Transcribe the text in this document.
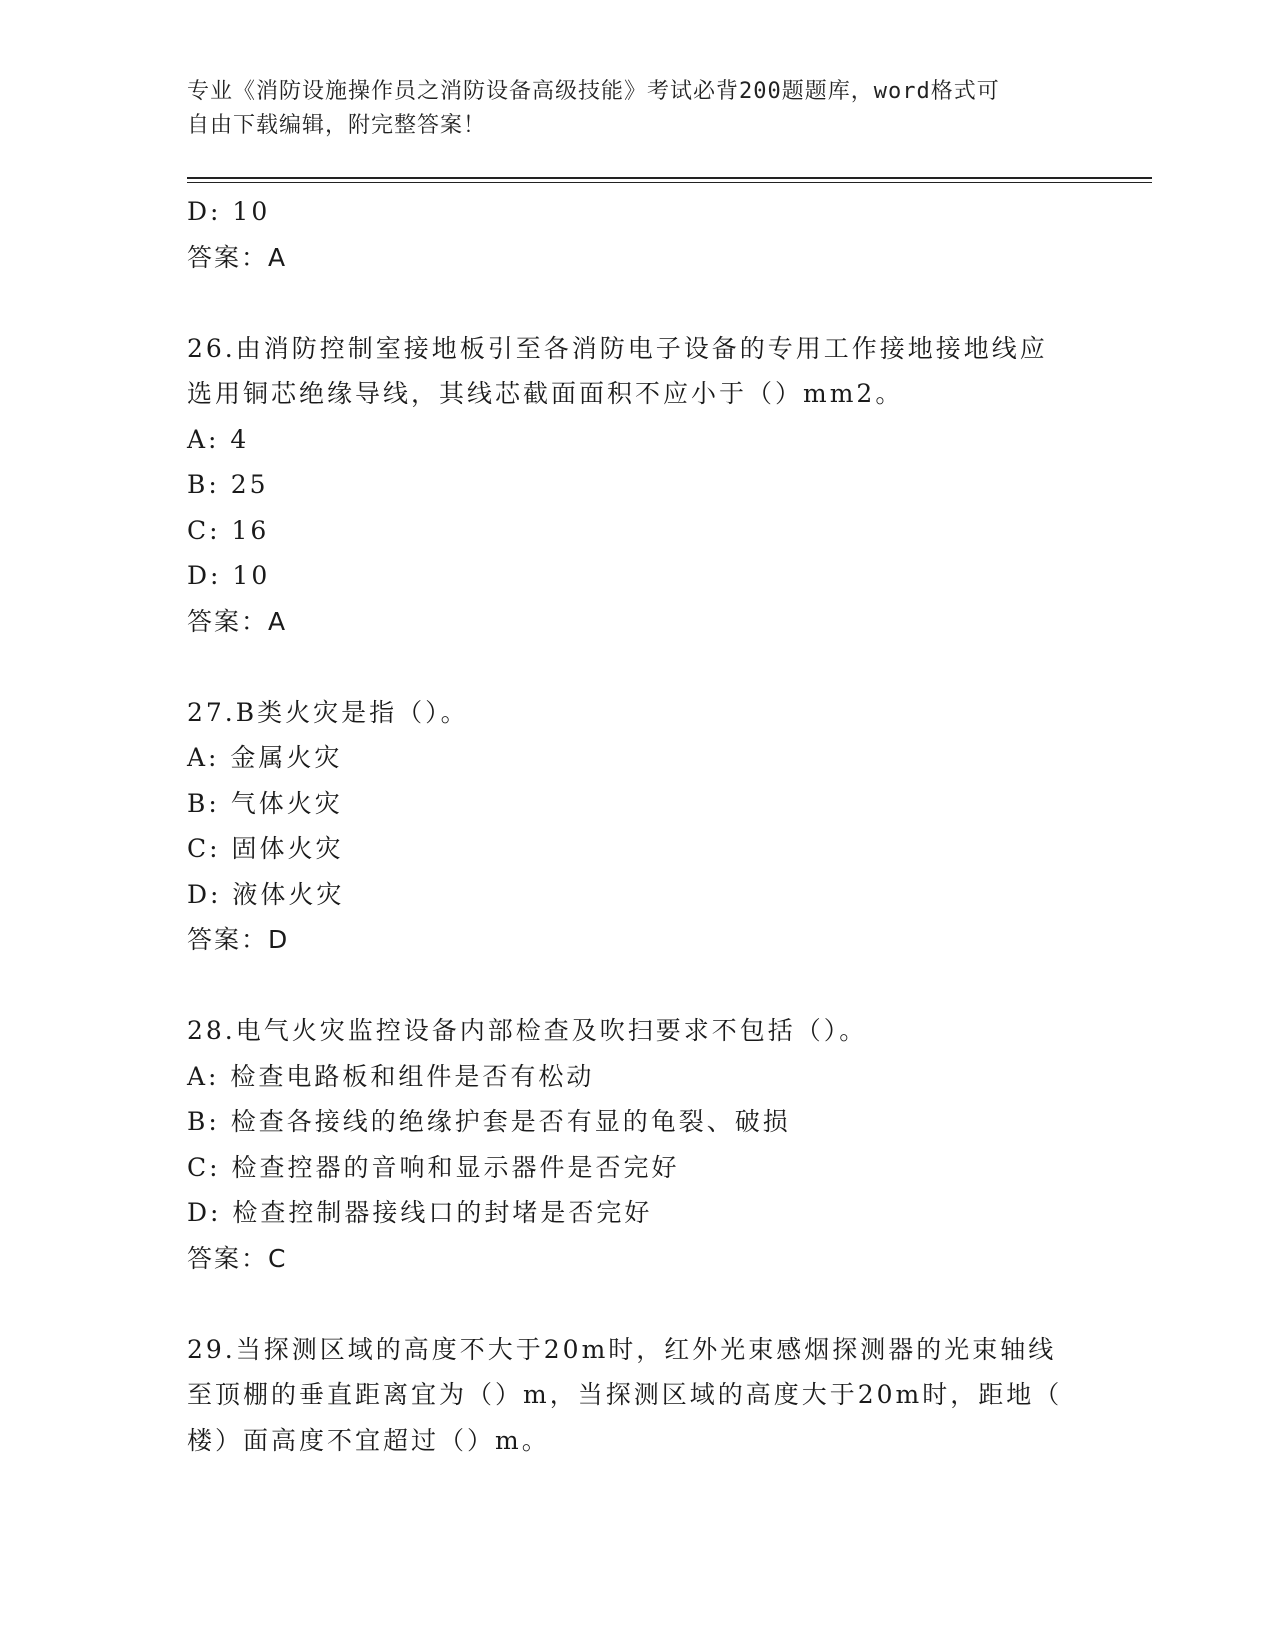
专业《消防设施操作员之消防设备高级技能》考试必背200题题库，word格式可
自由下载编辑，附完整答案！
D: 10
答案：A
26.由消防控制室接地板引至各消防电子设备的专用工作接地接地线应
选用铜芯绝缘导线，其线芯截面面积不应小于（）mm2。
A: 4
B: 25
C: 16
D: 10
答案：A
27.B类火灾是指（）。
A: 金属火灾
B: 气体火灾
C: 固体火灾
D: 液体火灾
答案：D
28.电气火灾监控设备内部检查及吹扫要求不包括（）。
A: 检查电路板和组件是否有松动
B: 检查各接线的绝缘护套是否有显的龟裂、破损
C: 检查控器的音响和显示器件是否完好
D: 检查控制器接线口的封堵是否完好
答案：C
29.当探测区域的高度不大于20m时，红外光束感烟探测器的光束轴线
至顶棚的垂直距离宜为（）m，当探测区域的高度大于20m时，距地（
楼）面高度不宜超过（）m。
